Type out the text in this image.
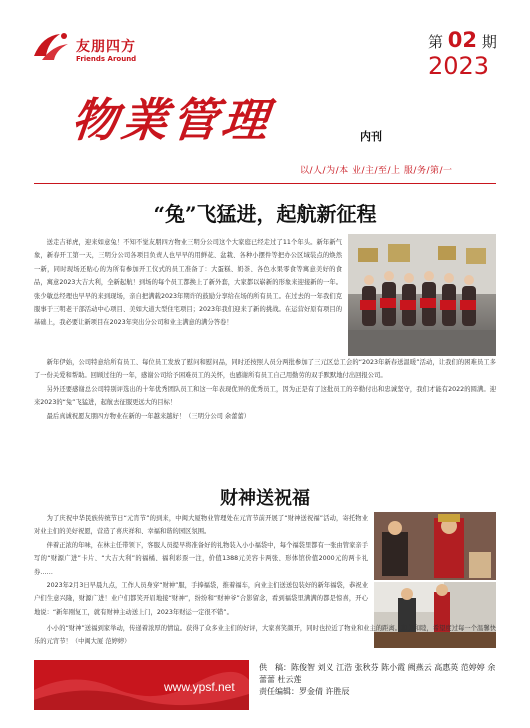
友朋四方
Friends Around
第 02 期
2023
物業管理	内刊
以/人/为/本 业/主/至/上 服/务/第/一
“兔”飞猛进，起航新征程

送走吉祥虎，迎来如意兔！不知不觉友朋四方物业三明分公司这个大家庭已经走过了11个年头。新年新气象，新春开工第一天，三明分公司各项目负责人也早早的用鲜花、盆栽、各种小摆件等把办公区域装点的焕然一新，同时现场还贴心的为所有参加开工仪式的员工准备了：大蛋糕、奶茶、各色水果零食等寓意美好的食品，寓意2023大吉大利，全新起航！到场的每个员工都换上了新外套，大家都以崭新的形象来迎接新的一年。张少敏总经理也早早的来到现场，亲自把满载2023年期许的鼓励分享给在场的所有员工。在过去的一年我们克服事于三明老干部活动中心项目、美如大道大型住宅项目；2023年我们迎来了新的挑战。在运营好原有项目的基础上，我必要让新项目在2023年突出分公司和业主满意的满分答卷！

新年伊始，公司特意给所有员工、每位员工发放了慰问和慰问品，同时还按照人员分两批参加了三元区总工会的“2023年新春送温暖”活动，让我们的困难员工多了一份关爱和帮助。回顾过往的一年，感谢公司给予困难员工的关怀，也感谢所有员工自己用勤劳的双手默默地付出回报公司。

另外还要感谢总公司特别评选出的十年优秀团队员工和这一年表现优异的优秀员工，因为正是有了这批员工的辛勤付出和忠诚坚守，我们才能有2022的圆满。迎来2023的“兔”飞猛进，起航去征服更远大的目标！

最后真诚祝愿友朋四方物业在新的一年越来越好！（三明分公司 余蕾蕾）

财神送祝福

为了庆祝中华民族传统节日“元宵节”的到来，中闽大厦物业管理处在元宵节前开展了“财神送祝福”活动，寄托物业对业主们的美好祝愿，营造了喜庆祥和、幸福和谐的园区氛围。

伴着正浓的年味，在林主任带领下，客服人员提早将准备好的礼物装入小小福袋中，每个福袋里都有一张由管家亲手写的“财源广进”卡片、“大吉大利”的福橘、福利彩票一注，价值1388元美容卡两张、形体馆价值2000元的两卡礼券……

2023年2月3日早晨九点，工作人员身穿“财神”服，手捧福袋，推着福车，向业主们送送包装好的新年福袋，恭祝业户们生意兴隆，财源广进！业户们都笑开眉地接“财神”，纷纷和“财神爷”合影留念，看到福袋里满满的都是惊喜，开心地说：“新年刚复工，就有财神主动送上门，2023年财运一定很不错”。

小小的“财神”送福到家举动，传递着浓厚的情谊。获得了众多业主们的好评，大家喜笑颜开，同时也拉近了物业和业主的距离。和美和睦，希望度过每一个温馨快乐的元宵节！（中闽大厦 范婷婷）

www.ypsf.net
供　稿：陈俊智 刘义 江浩 张秋芬 陈小霞 阙燕云 高惠英 范婷婷 余蕾蕾 杜云莲
责任编辑：罗金倩 许胜辰
